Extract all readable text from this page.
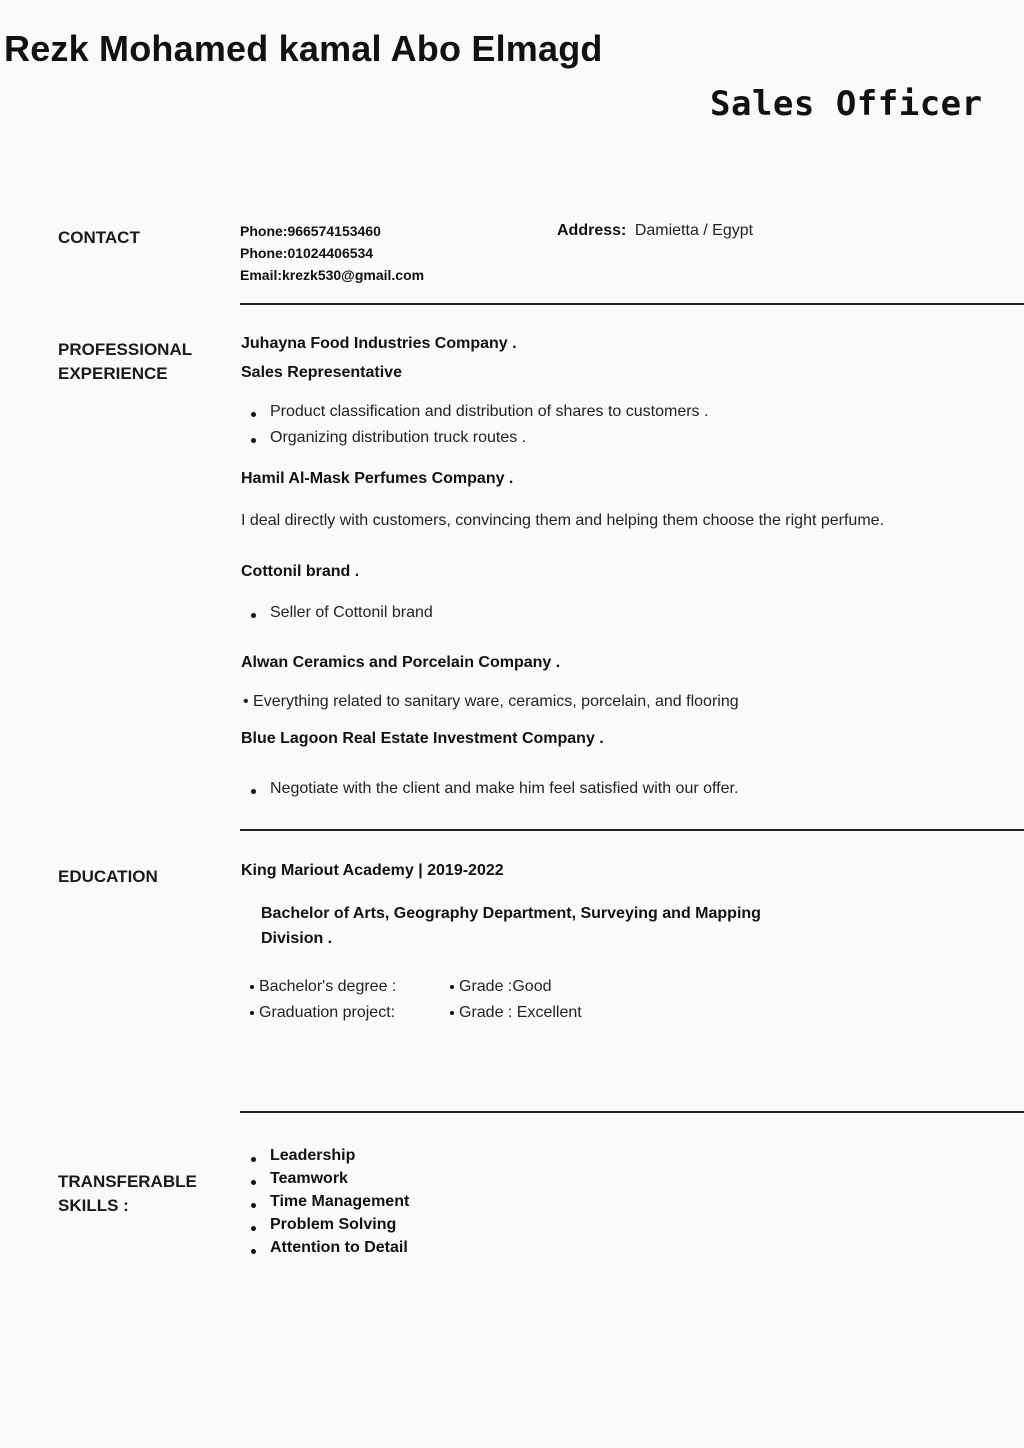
Rezk Mohamed kamal Abo Elmagd
Sales Officer
CONTACT	Phone:966574153460
Phone:01024406534
Email:krezk530@gmail.com
Address: Damietta / Egypt
PROFESSIONAL
EXPERIENCE
Juhayna Food Industries Company .
Sales Representative
Product classification and distribution of shares to customers .
Organizing distribution truck routes .
Hamil Al-Mask Perfumes Company .
I deal directly with customers, convincing them and helping them choose the right perfume.
Cottonil brand .
Seller of Cottonil brand
Alwan Ceramics and Porcelain Company .
• Everything related to sanitary ware, ceramics, porcelain, and flooring
Blue Lagoon Real Estate Investment Company .
Negotiate with the client and make him feel satisfied with our offer.
EDUCATION	King Mariout Academy | 2019-2022
Bachelor of Arts, Geography Department, Surveying and Mapping Division .
Bachelor's degree :	Grade :Good
Graduation project:	Grade : Excellent
TRANSFERABLE
SKILLS :
Leadership
Teamwork
Time Management
Problem Solving
Attention to Detail
